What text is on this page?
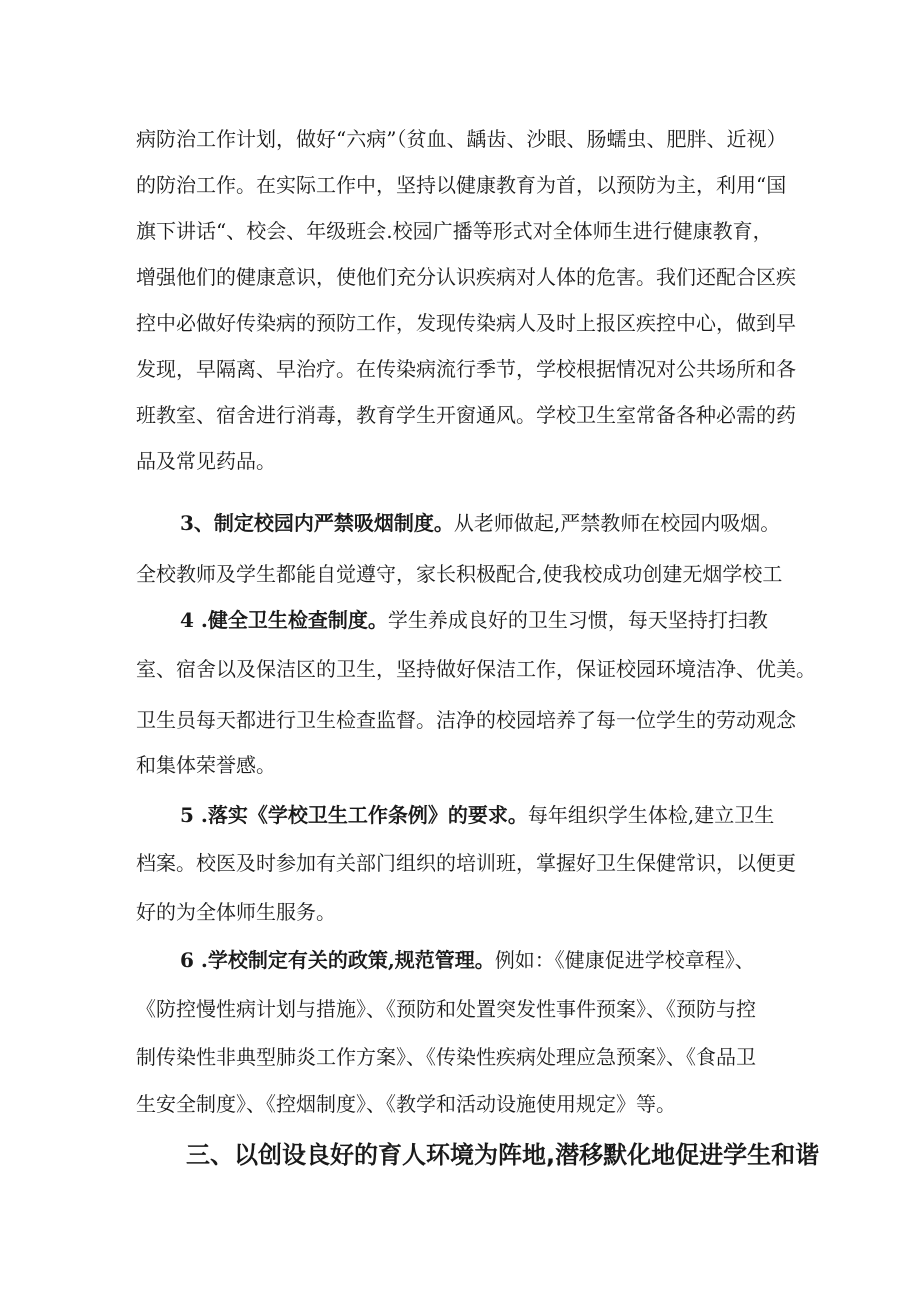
病防治工作计划，做好“六病”（贫血、龋齿、沙眼、肠蠕虫、肥胖、近视）
的防治工作。在实际工作中，坚持以健康教育为首，以预防为主，利用“国
旗下讲话“、校会、年级班会.校园广播等形式对全体师生进行健康教育，
增强他们的健康意识，使他们充分认识疾病对人体的危害。我们还配合区疾
控中必做好传染病的预防工作，发现传染病人及时上报区疾控中心，做到早
发现，早隔离、早治疗。在传染病流行季节，学校根据情况对公共场所和各
班教室、宿舍进行消毒，教育学生开窗通风。学校卫生室常备各种必需的药
品及常见药品。
3、制定校园内严禁吸烟制度。从老师做起,严禁教师在校园内吸烟。
全校教师及学生都能自觉遵守，家长积极配合,使我校成功创建无烟学校工
4 .健全卫生检查制度。学生养成良好的卫生习惯，每天坚持打扫教
室、宿舍以及保洁区的卫生，坚持做好保洁工作，保证校园环境洁净、优美。
卫生员每天都进行卫生检查监督。洁净的校园培养了每一位学生的劳动观念
和集体荣誉感。
5 .落实《学校卫生工作条例》的要求。每年组织学生体检,建立卫生
档案。校医及时参加有关部门组织的培训班，掌握好卫生保健常识，以便更
好的为全体师生服务。
6 .学校制定有关的政策,规范管理。例如：《健康促进学校章程》、
《防控慢性病计划与措施》、《预防和处置突发性事件预案》、《预防与控
制传染性非典型肺炎工作方案》、《传染性疾病处理应急预案》、《食品卫
生安全制度》、《控烟制度》、《教学和活动设施使用规定》等。
三、以创设良好的育人环境为阵地,潜移默化地促进学生和谐
